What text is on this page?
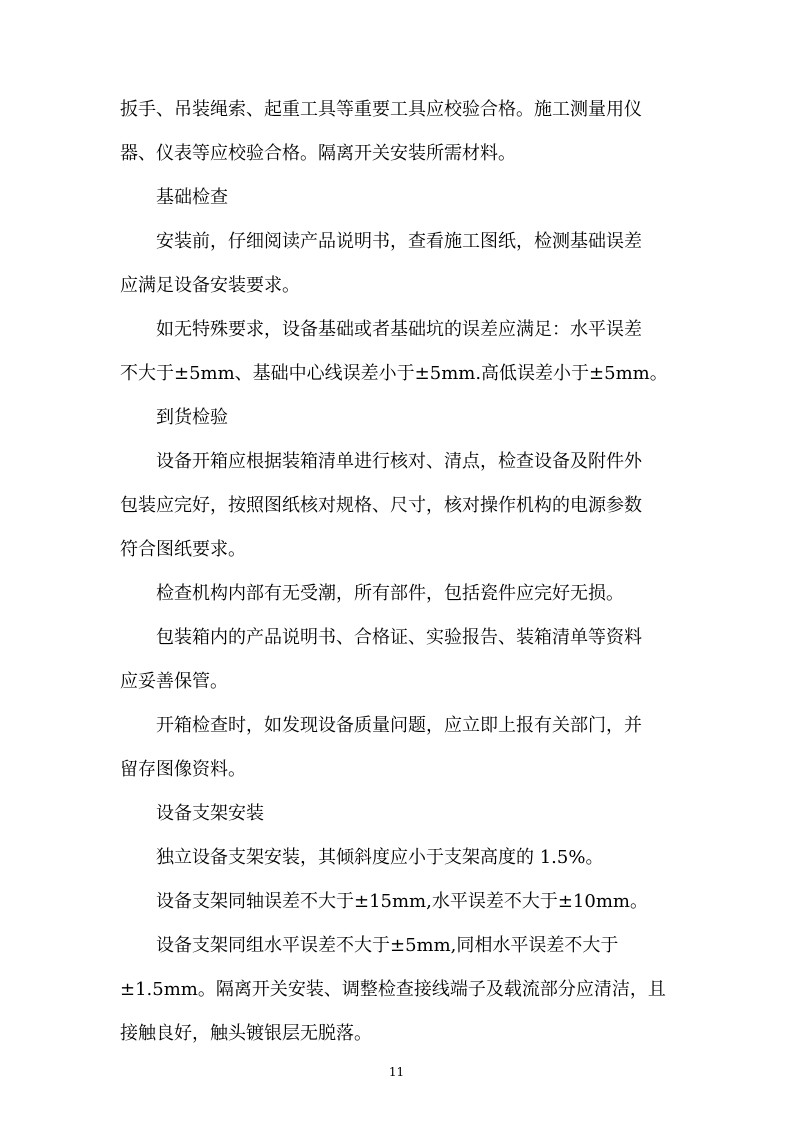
扳手、吊装绳索、起重工具等重要工具应校验合格。施工测量用仪
器、仪表等应校验合格。隔离开关安装所需材料。
基础检查
安装前，仔细阅读产品说明书，查看施工图纸，检测基础误差
应满足设备安装要求。
如无特殊要求，设备基础或者基础坑的误差应满足：水平误差
不大于±5mm、基础中心线误差小于±5mm.高低误差小于±5mm。
到货检验
设备开箱应根据装箱清单进行核对、清点，检查设备及附件外
包装应完好，按照图纸核对规格、尺寸，核对操作机构的电源参数
符合图纸要求。
检查机构内部有无受潮，所有部件，包括瓷件应完好无损。
包装箱内的产品说明书、合格证、实验报告、装箱清单等资料
应妥善保管。
开箱检查时，如发现设备质量问题，应立即上报有关部门，并
留存图像资料。
设备支架安装
独立设备支架安装，其倾斜度应小于支架高度的 1.5%。
设备支架同轴误差不大于±15mm,水平误差不大于±10mm。
设备支架同组水平误差不大于±5mm,同相水平误差不大于
±1.5mm。隔离开关安装、调整检查接线端子及载流部分应清洁，且
接触良好，触头镀银层无脱落。
11
